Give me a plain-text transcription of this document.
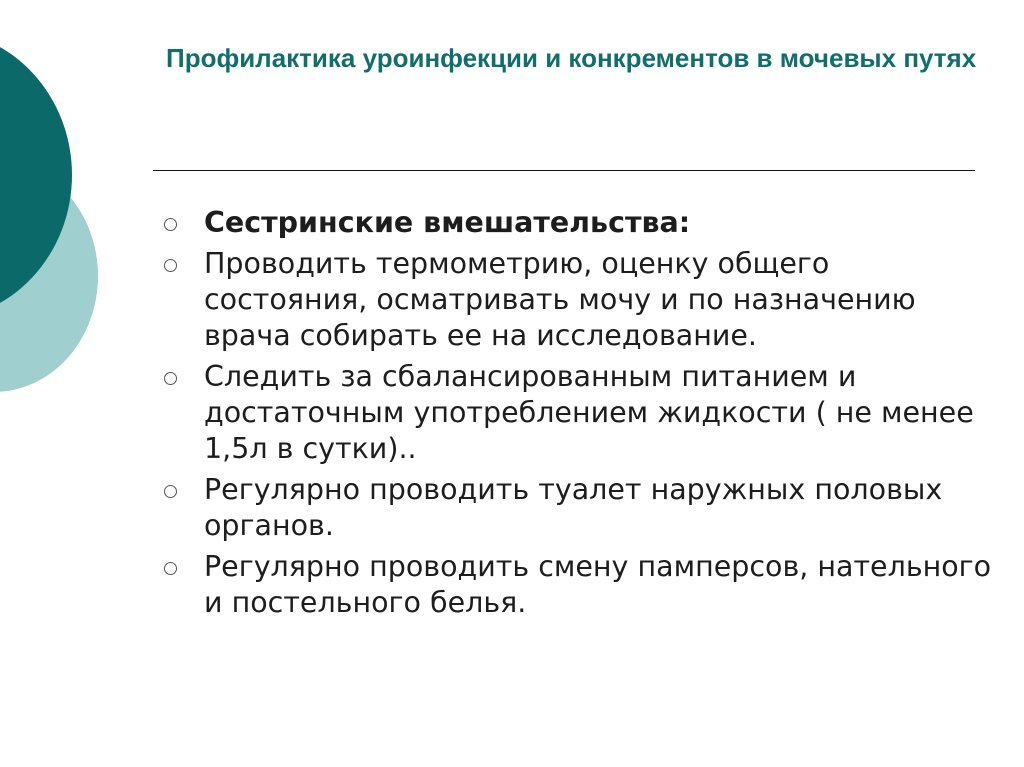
Профилактика уроинфекции и конкрементов в мочевых путях
Сестринские вмешательства:
Проводить термометрию, оценку общего состояния, осматривать мочу и по назначению врача собирать ее на исследование.
Следить за сбалансированным питанием и достаточным употреблением жидкости ( не менее 1,5л в сутки)..
Регулярно проводить туалет наружных половых органов.
Регулярно проводить смену памперсов, нательного и постельного белья.
